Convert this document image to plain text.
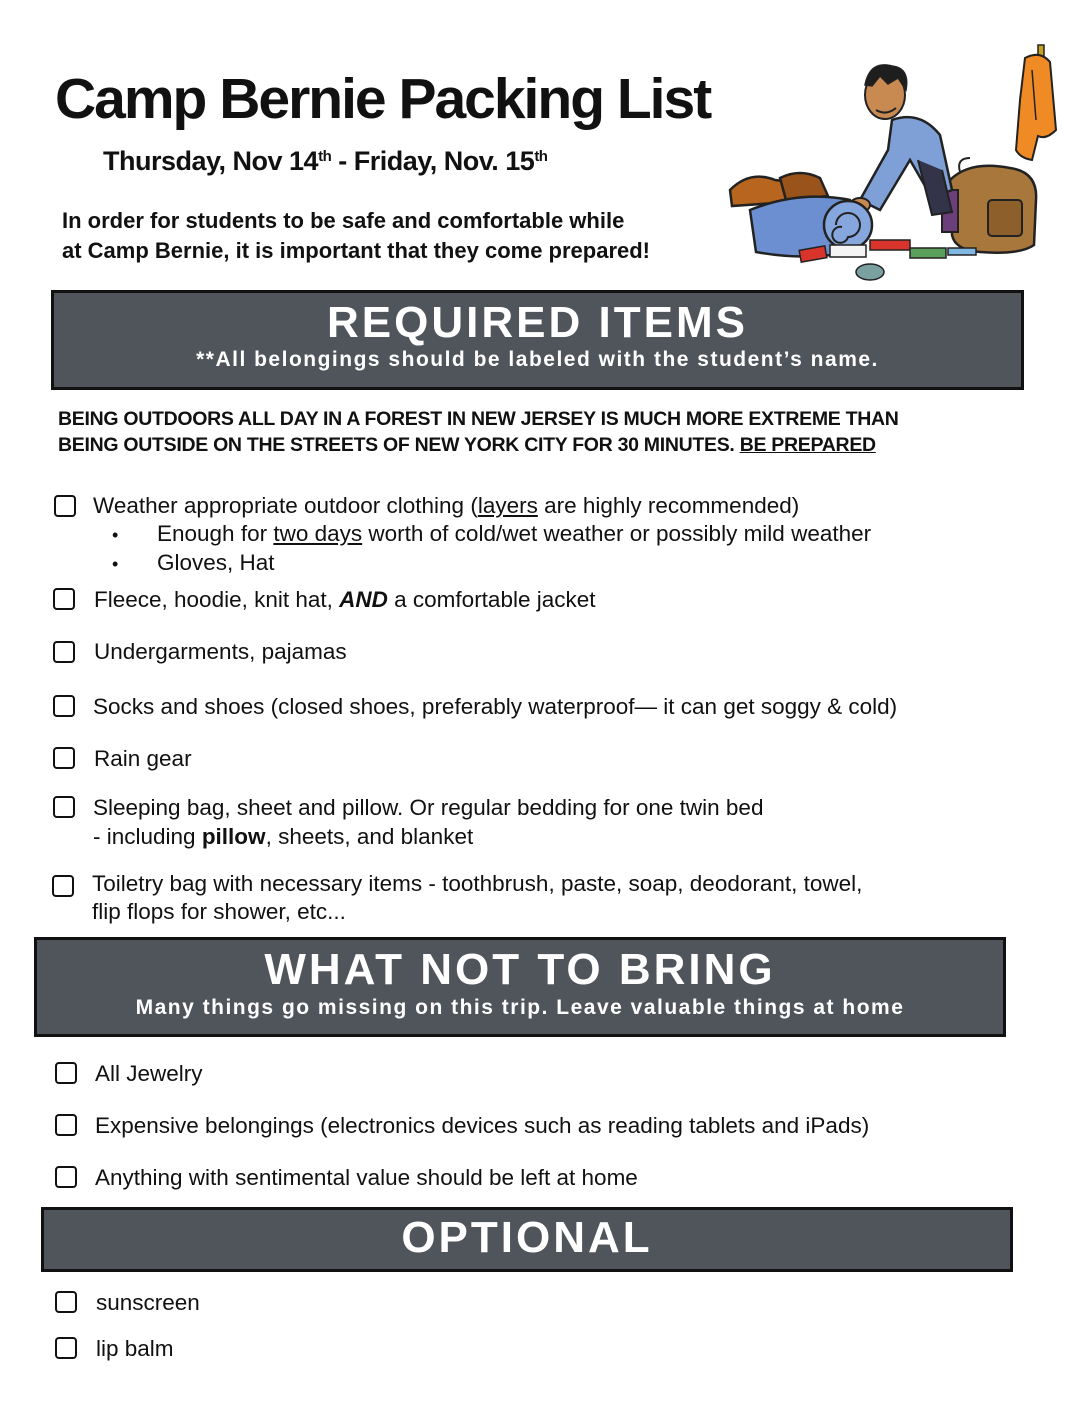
Camp Bernie Packing List
Thursday, Nov 14th - Friday, Nov. 15th
In order for students to be safe and comfortable while
at Camp Bernie, it is important that they come prepared!
REQUIRED ITEMS
**All belongings should be labeled with the student’s name.
BEING OUTDOORS ALL DAY IN A FOREST IN NEW JERSEY IS MUCH MORE EXTREME THAN
BEING OUTSIDE ON THE STREETS OF NEW YORK CITY FOR 30 MINUTES. BE PREPARED
Weather appropriate outdoor clothing (layers are highly recommended)
• Enough for two days worth of cold/wet weather or possibly mild weather
• Gloves, Hat
Fleece, hoodie, knit hat, AND a comfortable jacket
Undergarments, pajamas
Socks and shoes (closed shoes, preferably waterproof— it can get soggy & cold)
Rain gear
Sleeping bag, sheet and pillow. Or regular bedding for one twin bed
- including pillow, sheets, and blanket
Toiletry bag with necessary items - toothbrush, paste, soap, deodorant, towel,
flip flops for shower, etc...
WHAT NOT TO BRING
Many things go missing on this trip. Leave valuable things at home
All Jewelry
Expensive belongings (electronics devices such as reading tablets and iPads)
Anything with sentimental value should be left at home
OPTIONAL
sunscreen
lip balm
